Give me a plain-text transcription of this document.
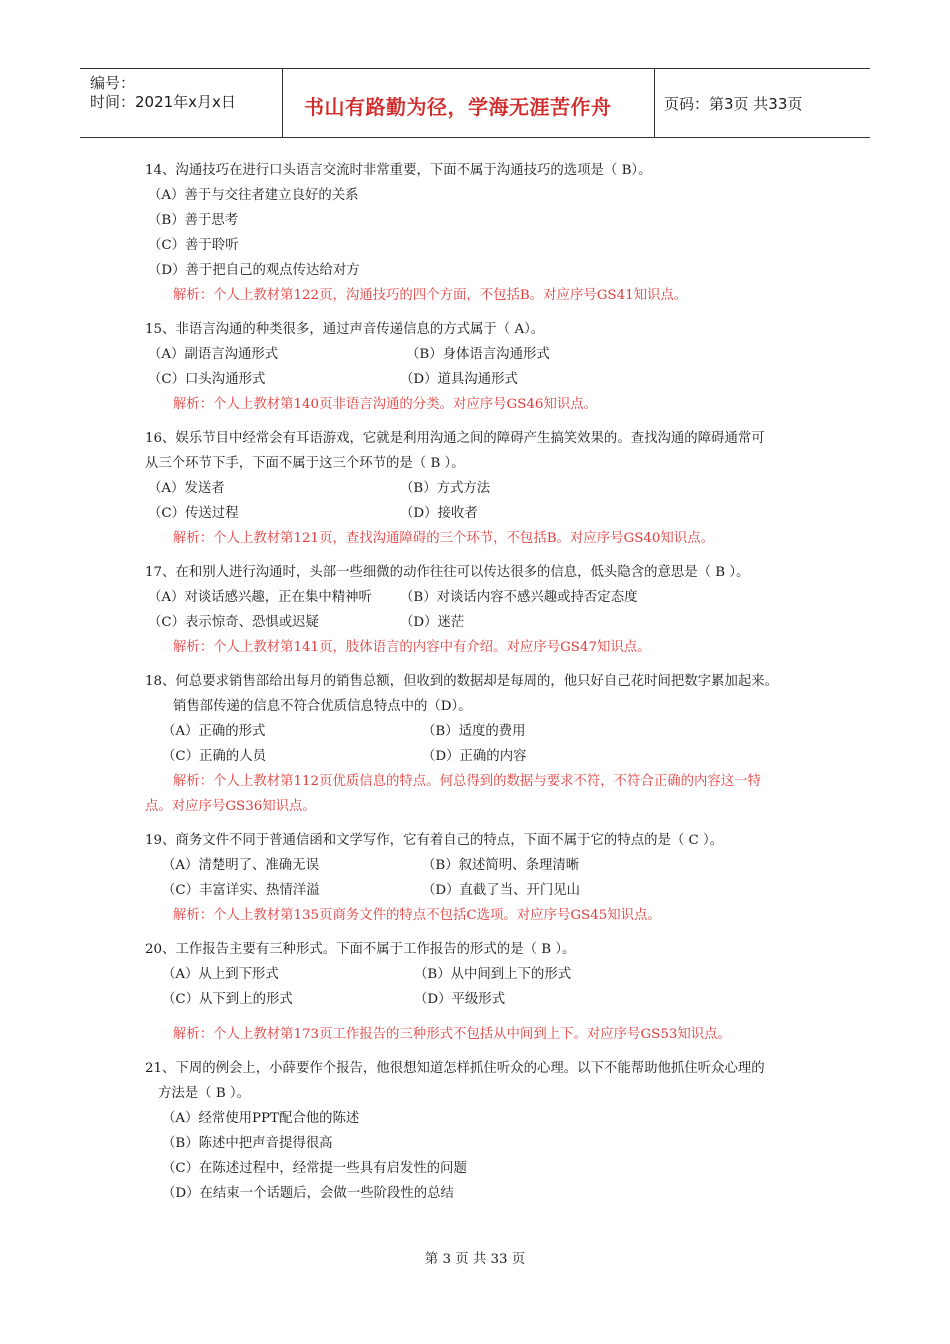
编号：
时间：2021年x月x日	书山有路勤为径，学海无涯苦作舟	页码：第3页 共33页
14、沟通技巧在进行口头语言交流时非常重要，下面不属于沟通技巧的选项是（ B）。
（A）善于与交往者建立良好的关系
（B）善于思考
（C）善于聆听
（D）善于把自己的观点传达给对方
解析：个人上教材第122页，沟通技巧的四个方面，不包括B。对应序号GS41知识点。
15、非语言沟通的种类很多，通过声音传递信息的方式属于（ A）。
（A）副语言沟通形式	（B）身体语言沟通形式
（C）口头沟通形式	（D）道具沟通形式
解析：个人上教材第140页非语言沟通的分类。对应序号GS46知识点。
16、娱乐节目中经常会有耳语游戏，它就是利用沟通之间的障碍产生搞笑效果的。查找沟通的障碍通常可
从三个环节下手，下面不属于这三个环节的是（ B ）。
（A）发送者	（B）方式方法
（C）传送过程	（D）接收者
解析：个人上教材第121页，查找沟通障碍的三个环节，不包括B。对应序号GS40知识点。
17、在和别人进行沟通时，头部一些细微的动作往往可以传达很多的信息，低头隐含的意思是（ B ）。
（A）对谈话感兴趣，正在集中精神听 （B）对谈话内容不感兴趣或持否定态度
（C）表示惊奇、恐惧或迟疑	（D）迷茫
解析：个人上教材第141页，肢体语言的内容中有介绍。对应序号GS47知识点。
18、何总要求销售部给出每月的销售总额，但收到的数据却是每周的，他只好自己花时间把数字累加起来。
销售部传递的信息不符合优质信息特点中的（D）。
（A）正确的形式	（B）适度的费用
（C）正确的人员	（D）正确的内容
解析：个人上教材第112页优质信息的特点。何总得到的数据与要求不符，不符合正确的内容这一特
点。对应序号GS36知识点。
19、商务文件不同于普通信函和文学写作，它有着自己的特点，下面不属于它的特点的是（ C ）。
（A）清楚明了、准确无误	（B）叙述简明、条理清晰
（C）丰富详实、热情洋溢	（D）直截了当、开门见山
解析：个人上教材第135页商务文件的特点不包括C选项。对应序号GS45知识点。
20、工作报告主要有三种形式。下面不属于工作报告的形式的是（ B ）。
（A）从上到下形式	（B）从中间到上下的形式
（C）从下到上的形式	（D）平级形式
解析：个人上教材第173页工作报告的三种形式不包括从中间到上下。对应序号GS53知识点。
21、下周的例会上，小薛要作个报告，他很想知道怎样抓住听众的心理。以下不能帮助他抓住听众心理的
方法是（ B ）。
（A）经常使用PPT配合他的陈述
（B）陈述中把声音提得很高
（C）在陈述过程中，经常提一些具有启发性的问题
（D）在结束一个话题后，会做一些阶段性的总结
第 3 页 共 33 页
